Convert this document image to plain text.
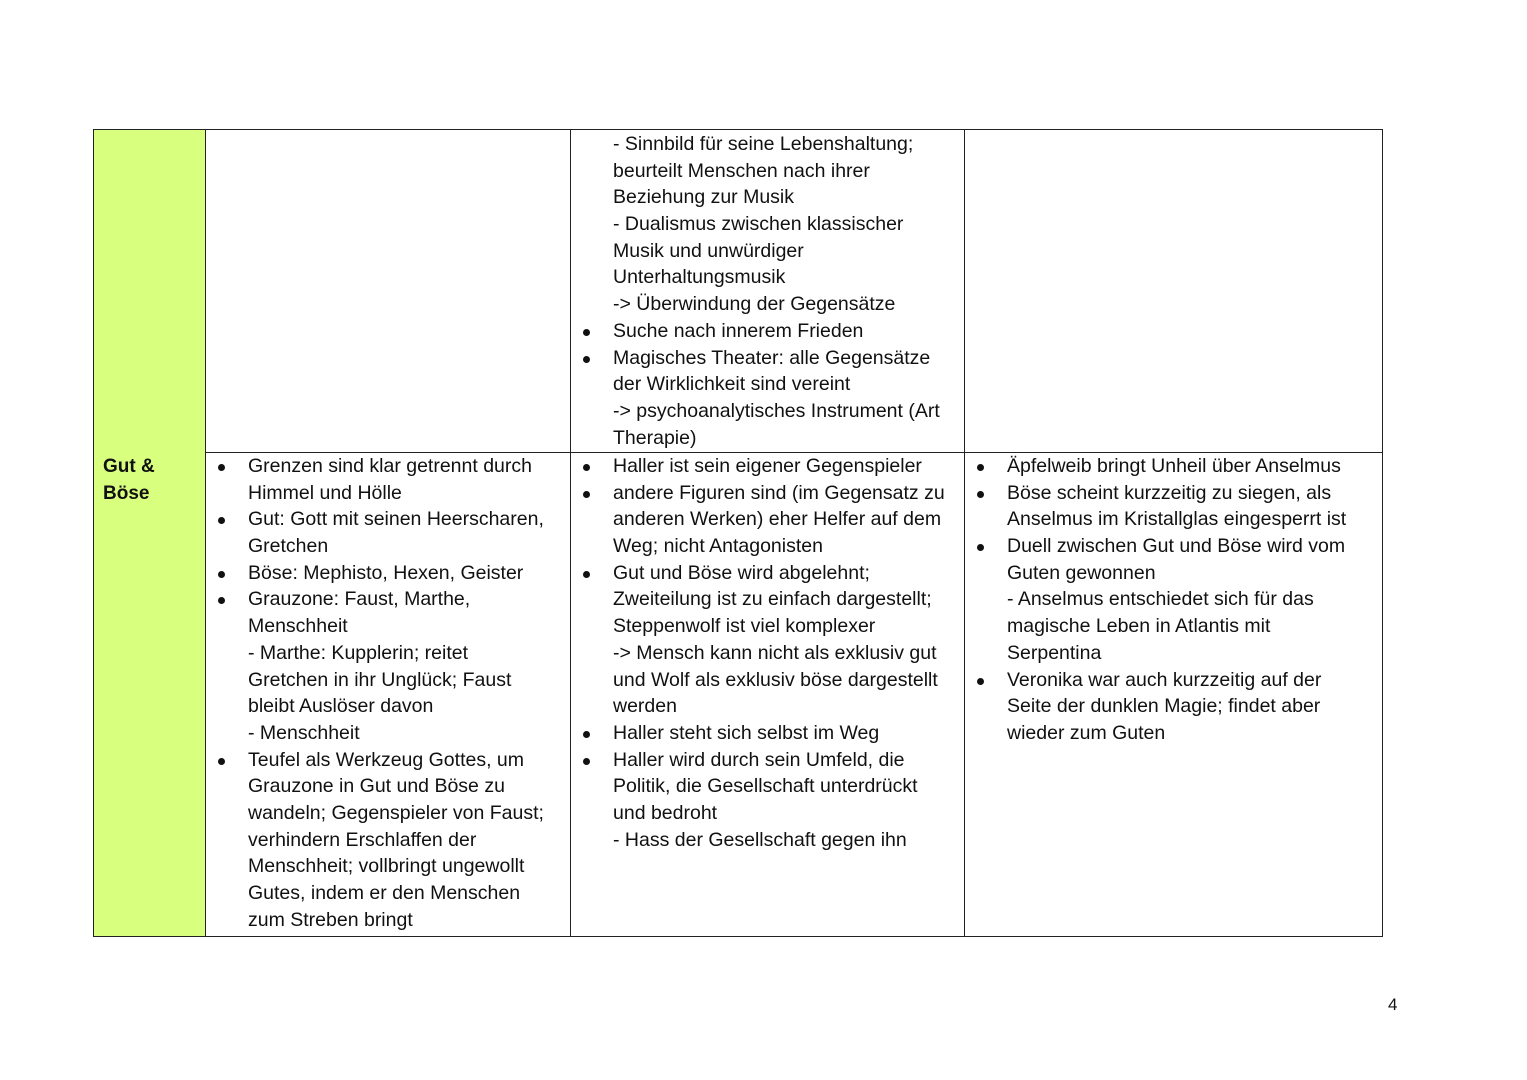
- Sinnbild für seine Lebenshaltung;
beurteilt Menschen nach ihrer
Beziehung zur Musik
- Dualismus zwischen klassischer
Musik und unwürdiger
Unterhaltungsmusik
-> Überwindung der Gegensätze
Suche nach innerem Frieden
Magisches Theater: alle Gegensätze
der Wirklichkeit sind vereint
-> psychoanalytisches Instrument (Art
Therapie)
Gut &
Böse
Grenzen sind klar getrennt durch
Himmel und Hölle
Gut: Gott mit seinen Heerscharen,
Gretchen
Böse: Mephisto, Hexen, Geister
Grauzone: Faust, Marthe,
Menschheit
- Marthe: Kupplerin; reitet
Gretchen in ihr Unglück; Faust
bleibt Auslöser davon
- Menschheit
Teufel als Werkzeug Gottes, um
Grauzone in Gut und Böse zu
wandeln; Gegenspieler von Faust;
verhindern Erschlaffen der
Menschheit; vollbringt ungewollt
Gutes, indem er den Menschen
zum Streben bringt
Haller ist sein eigener Gegenspieler
andere Figuren sind (im Gegensatz zu
anderen Werken) eher Helfer auf dem
Weg; nicht Antagonisten
Gut und Böse wird abgelehnt;
Zweiteilung ist zu einfach dargestellt;
Steppenwolf ist viel komplexer
-> Mensch kann nicht als exklusiv gut
und Wolf als exklusiv böse dargestellt
werden
Haller steht sich selbst im Weg
Haller wird durch sein Umfeld, die
Politik, die Gesellschaft unterdrückt
und bedroht
- Hass der Gesellschaft gegen ihn
Äpfelweib bringt Unheil über Anselmus
Böse scheint kurzzeitig zu siegen, als
Anselmus im Kristallglas eingesperrt ist
Duell zwischen Gut und Böse wird vom
Guten gewonnen
- Anselmus entschiedet sich für das
magische Leben in Atlantis mit
Serpentina
Veronika war auch kurzzeitig auf der
Seite der dunklen Magie; findet aber
wieder zum Guten
4
